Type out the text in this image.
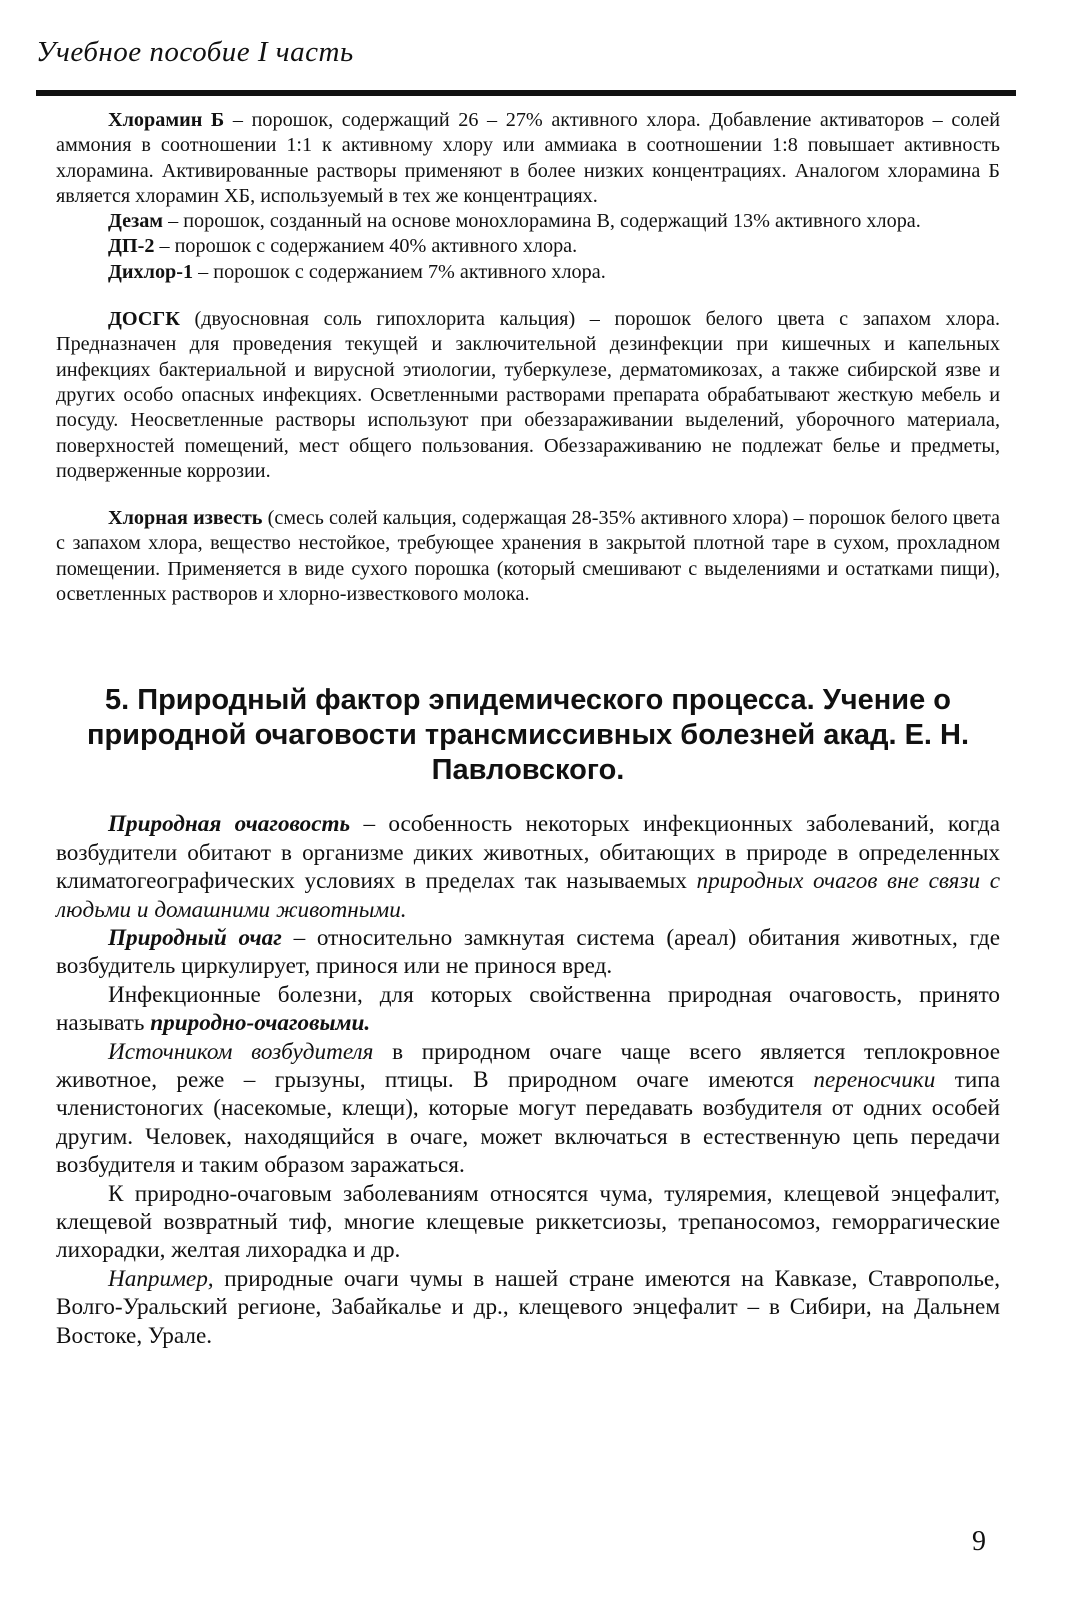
Учебное пособие I часть

Хлорамин Б – порошок, содержащий 26 – 27% активного хлора. Добавление активаторов – солей аммония в соотношении 1:1 к активному хлору или аммиака в соотношении 1:8 повышает активность хлорамина. Активированные растворы применяют в более низких концентрациях. Аналогом хлорамина Б является хлорамин ХБ, используемый в тех же концентрациях.

Дезам – порошок, созданный на основе монохлорамина В, содержащий 13% активного хлора.

ДП-2 – порошок с содержанием 40% активного хлора.

Дихлор-1 – порошок с содержанием 7% активного хлора.

ДОСГК (двуосновная соль гипохлорита кальция) – порошок белого цвета с запахом хлора. Предназначен для проведения текущей и заключительной дезинфекции при кишечных и капельных инфекциях бактериальной и вирусной этиологии, туберкулезе, дерматомикозах, а также сибирской язве и других особо опасных инфекциях. Осветленными растворами препарата обрабатывают жесткую мебель и посуду. Неосветленные растворы используют при обеззараживании выделений, уборочного материала, поверхностей помещений, мест общего пользования. Обеззараживанию не подлежат белье и предметы, подверженные коррозии.

Хлорная известь (смесь солей кальция, содержащая 28-35% активного хлора) – порошок белого цвета с запахом хлора, вещество нестойкое, требующее хранения в закрытой плотной таре в сухом, прохладном помещении. Применяется в виде сухого порошка (который смешивают с выделениями и остатками пищи), осветленных растворов и хлорно-известкового молока.

5. Природный фактор эпидемического процесса. Учение о природной очаговости трансмиссивных болезней акад. Е. Н. Павловского.

Природная очаговость – особенность некоторых инфекционных заболеваний, когда возбудители обитают в организме диких животных, обитающих в природе в определенных климатогеографических условиях в пределах так называемых природных очагов вне связи с людьми и домашними животными.

Природный очаг – относительно замкнутая система (ареал) обитания животных, где возбудитель циркулирует, принося или не принося вред.

Инфекционные болезни, для которых свойственна природная очаговость, принято называть природно-очаговыми.

Источником возбудителя в природном очаге чаще всего является теплокровное животное, реже – грызуны, птицы. В природном очаге имеются переносчики типа членистоногих (насекомые, клещи), которые могут передавать возбудителя от одних особей другим. Человек, находящийся в очаге, может включаться в естественную цепь передачи возбудителя и таким образом заражаться.

К природно-очаговым заболеваниям относятся чума, туляремия, клещевой энцефалит, клещевой возвратный тиф, многие клещевые риккетсиозы, трепаносомоз, геморрагические лихорадки, желтая лихорадка и др.

Например, природные очаги чумы в нашей стране имеются на Кавказе, Ставрополье, Волго-Уральский регионе, Забайкалье и др., клещевого энцефалит – в Сибири, на Дальнем Востоке, Урале.

9
